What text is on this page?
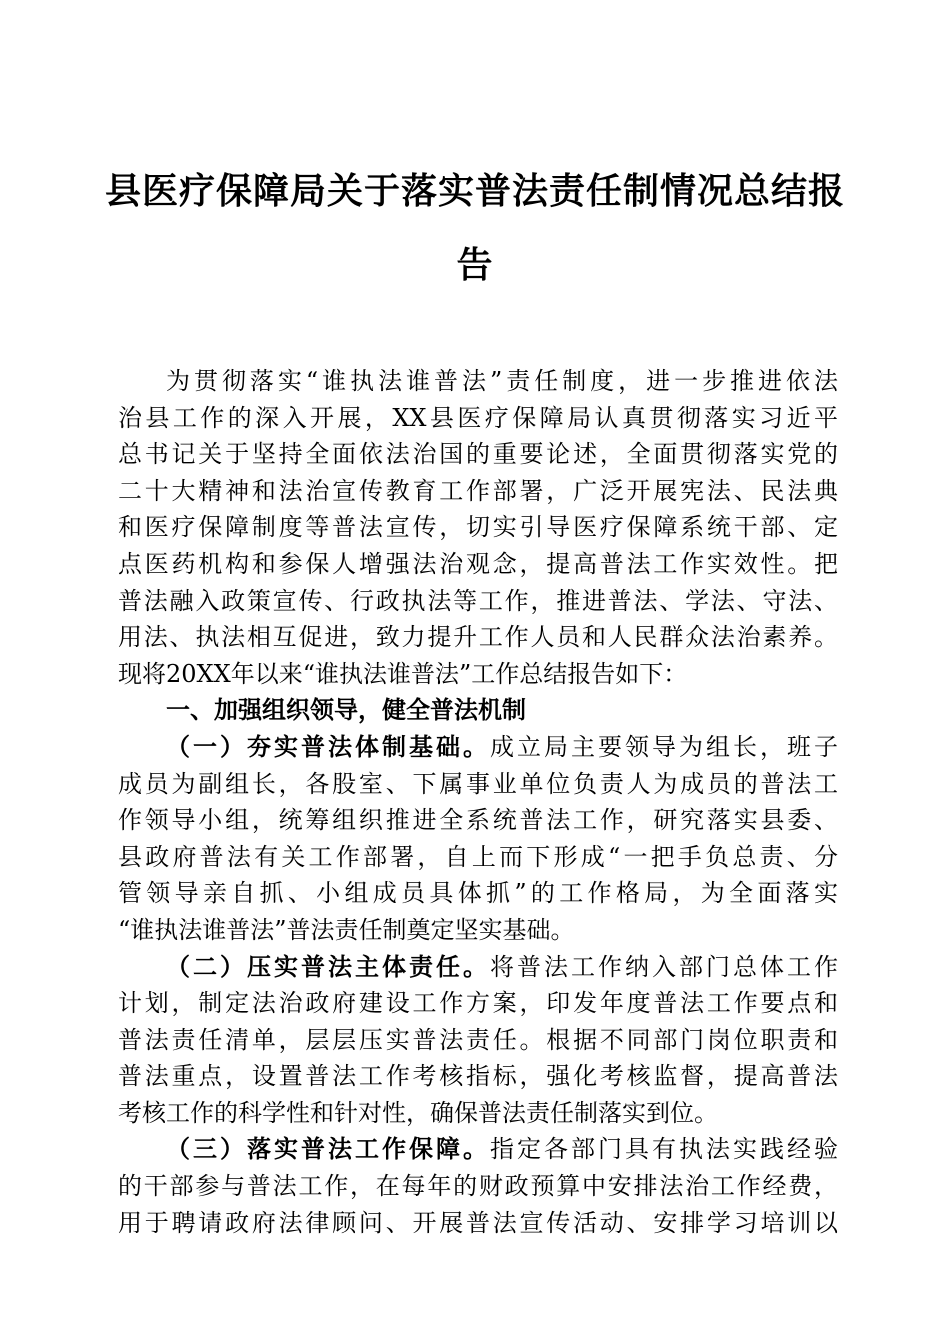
县医疗保障局关于落实普法责任制情况总结报
告
为贯彻落实“谁执法谁普法”责任制度，进一步推进依法
治县工作的深入开展，XX县医疗保障局认真贯彻落实习近平
总书记关于坚持全面依法治国的重要论述，全面贯彻落实党的
二十大精神和法治宣传教育工作部署，广泛开展宪法、民法典
和医疗保障制度等普法宣传，切实引导医疗保障系统干部、定
点医药机构和参保人增强法治观念，提高普法工作实效性。把
普法融入政策宣传、行政执法等工作，推进普法、学法、守法、
用法、执法相互促进，致力提升工作人员和人民群众法治素养。
现将20XX年以来“谁执法谁普法”工作总结报告如下：
一、加强组织领导，健全普法机制
（一）夯实普法体制基础。成立局主要领导为组长，班子
成员为副组长，各股室、下属事业单位负责人为成员的普法工
作领导小组，统筹组织推进全系统普法工作，研究落实县委、
县政府普法有关工作部署，自上而下形成“一把手负总责、分
管领导亲自抓、小组成员具体抓”的工作格局，为全面落实
“谁执法谁普法”普法责任制奠定坚实基础。
（二）压实普法主体责任。将普法工作纳入部门总体工作
计划，制定法治政府建设工作方案，印发年度普法工作要点和
普法责任清单，层层压实普法责任。根据不同部门岗位职责和
普法重点，设置普法工作考核指标，强化考核监督，提高普法
考核工作的科学性和针对性，确保普法责任制落实到位。
（三）落实普法工作保障。指定各部门具有执法实践经验
的干部参与普法工作，在每年的财政预算中安排法治工作经费，
用于聘请政府法律顾问、开展普法宣传活动、安排学习培训以
